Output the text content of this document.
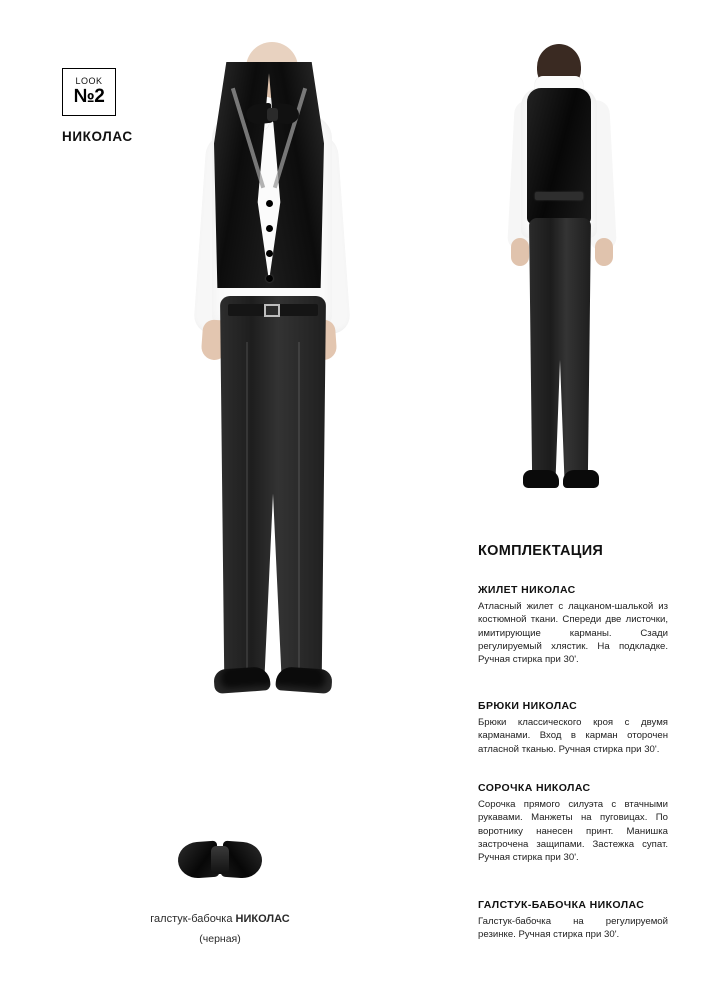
LOOK
№2
НИКОЛАС
галстук-бабочка НИКОЛАС
(черная)
КОМПЛЕКТАЦИЯ
ЖИЛЕТ НИКОЛАС

Атласный жилет с лацканом-шалькой из костюмной ткани. Спереди две листочки, имитирующие карманы. Сзади регулируемый хлястик. На подкладке. Ручная стирка при 30'.

БРЮКИ НИКОЛАС

Брюки классического кроя с двумя карманами. Вход в карман оторочен атласной тканью. Ручная стирка при 30'.

СОРОЧКА НИКОЛАС

Сорочка прямого силуэта с втачными рукавами. Манжеты на пуговицах. По воротнику нанесен принт. Манишка застрочена защипами. Застежка супат. Ручная стирка при 30'.

ГАЛСТУК-БАБОЧКА НИКОЛАС

Галстук-бабочка на регулируемой резинке. Ручная стирка при 30'.
